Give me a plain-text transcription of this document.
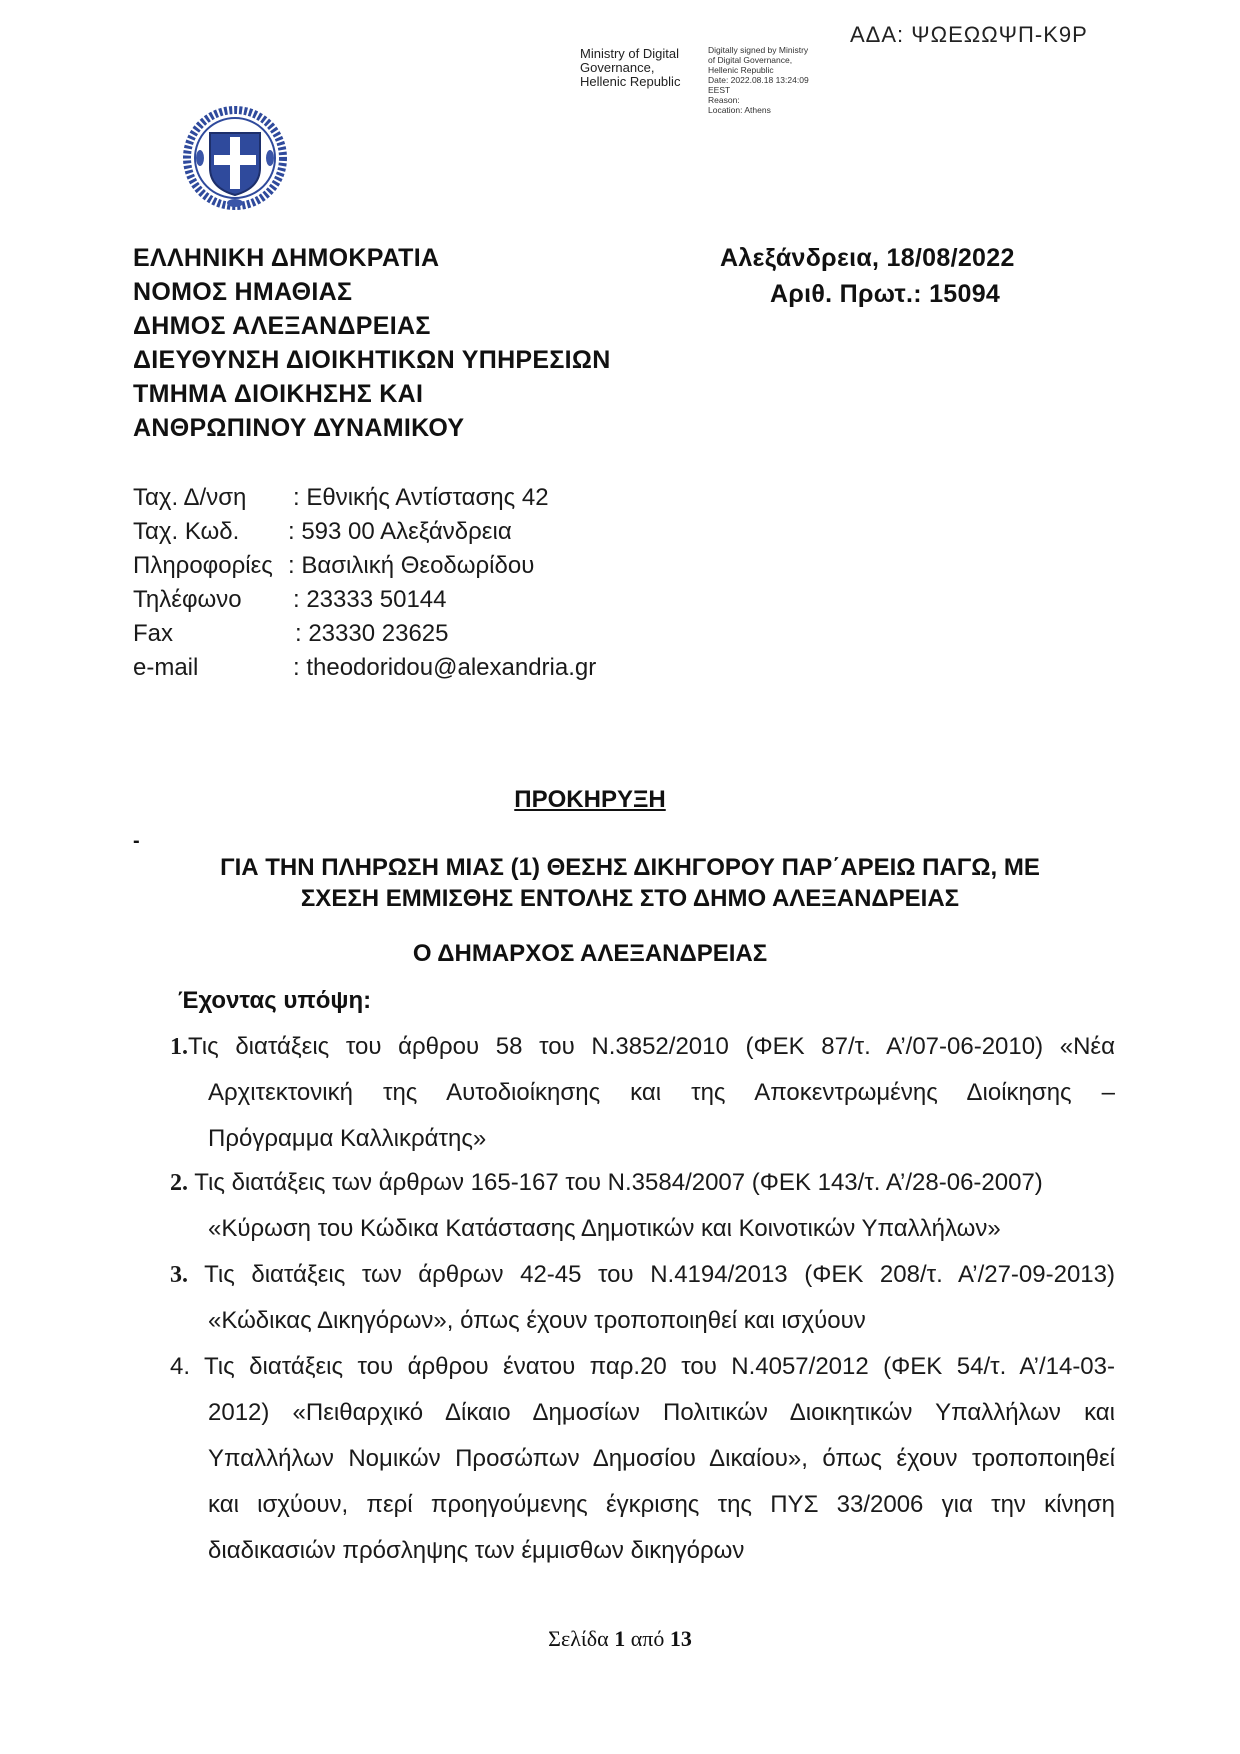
ΑΔΑ: ΨΩΕΩΩΨΠ-Κ9Ρ
Ministry of Digital
Governance,
Hellenic Republic
Digitally signed by Ministry
of Digital Governance,
Hellenic Republic
Date: 2022.08.18 13:24:09
EEST
Reason:
Location: Athens
ΕΛΛΗΝΙΚΗ ΔΗΜΟΚΡΑΤΙΑ
ΝΟΜΟΣ ΗΜΑΘΙΑΣ
ΔΗΜΟΣ ΑΛΕΞΑΝΔΡΕΙΑΣ
ΔΙΕΥΘΥΝΣΗ ΔΙΟΙΚΗΤΙΚΩΝ ΥΠΗΡΕΣΙΩΝ
ΤΜΗΜΑ ΔΙΟΙΚΗΣΗΣ ΚΑΙ
ΑΝΘΡΩΠΙΝΟΥ ΔΥΝΑΜΙΚΟΥ
Αλεξάνδρεια, 18/08/2022
Αριθ. Πρωτ.: 15094
Ταχ. Δ/νση : Εθνικής Αντίστασης 42
Ταχ. Κωδ. : 593 00 Αλεξάνδρεια
Πληροφορίες : Βασιλική Θεοδωρίδου
Τηλέφωνο : 23333 50144
Fax	: 23330 23625
e-mail	: theodoridou@alexandria.gr
ΠΡΟΚΗΡΥΞΗ
-
ΓΙΑ ΤΗΝ ΠΛΗΡΩΣΗ ΜΙΑΣ (1) ΘΕΣΗΣ ΔΙΚΗΓΟΡΟΥ ΠΑΡ΄ΑΡΕΙΩ ΠΑΓΩ, ΜΕ
ΣΧΕΣΗ ΕΜΜΙΣΘΗΣ ΕΝΤΟΛΗΣ ΣΤΟ ΔΗΜΟ ΑΛΕΞΑΝΔΡΕΙΑΣ
Ο ΔΗΜΑΡΧΟΣ ΑΛΕΞΑΝΔΡΕΙΑΣ
Έχοντας υπόψη:
1.Τις διατάξεις του άρθρου 58 του Ν.3852/2010 (ΦΕΚ 87/τ. Α’/07-06-2010) «Νέα
Αρχιτεκτονική της Αυτοδιοίκησης και της Αποκεντρωμένης Διοίκησης –
Πρόγραμμα Καλλικράτης»
2. Τις διατάξεις των άρθρων 165-167 του Ν.3584/2007 (ΦΕΚ 143/τ. Α’/28-06-2007)
«Κύρωση του Κώδικα Κατάστασης Δημοτικών και Κοινοτικών Υπαλλήλων»
3. Τις διατάξεις των άρθρων 42-45 του Ν.4194/2013 (ΦΕΚ 208/τ. Α’/27-09-2013)
«Κώδικας Δικηγόρων», όπως έχουν τροποποιηθεί και ισχύουν
4. Τις διατάξεις του άρθρου ένατου παρ.20 του Ν.4057/2012 (ΦΕΚ 54/τ. Α’/14-03-
2012) «Πειθαρχικό Δίκαιο Δημοσίων Πολιτικών Διοικητικών Υπαλλήλων και
Υπαλλήλων Νομικών Προσώπων Δημοσίου Δικαίου», όπως έχουν τροποποιηθεί
και ισχύουν, περί προηγούμενης έγκρισης της ΠΥΣ 33/2006 για την κίνηση
διαδικασιών πρόσληψης των έμμισθων δικηγόρων
Σελίδα 1 από 13
